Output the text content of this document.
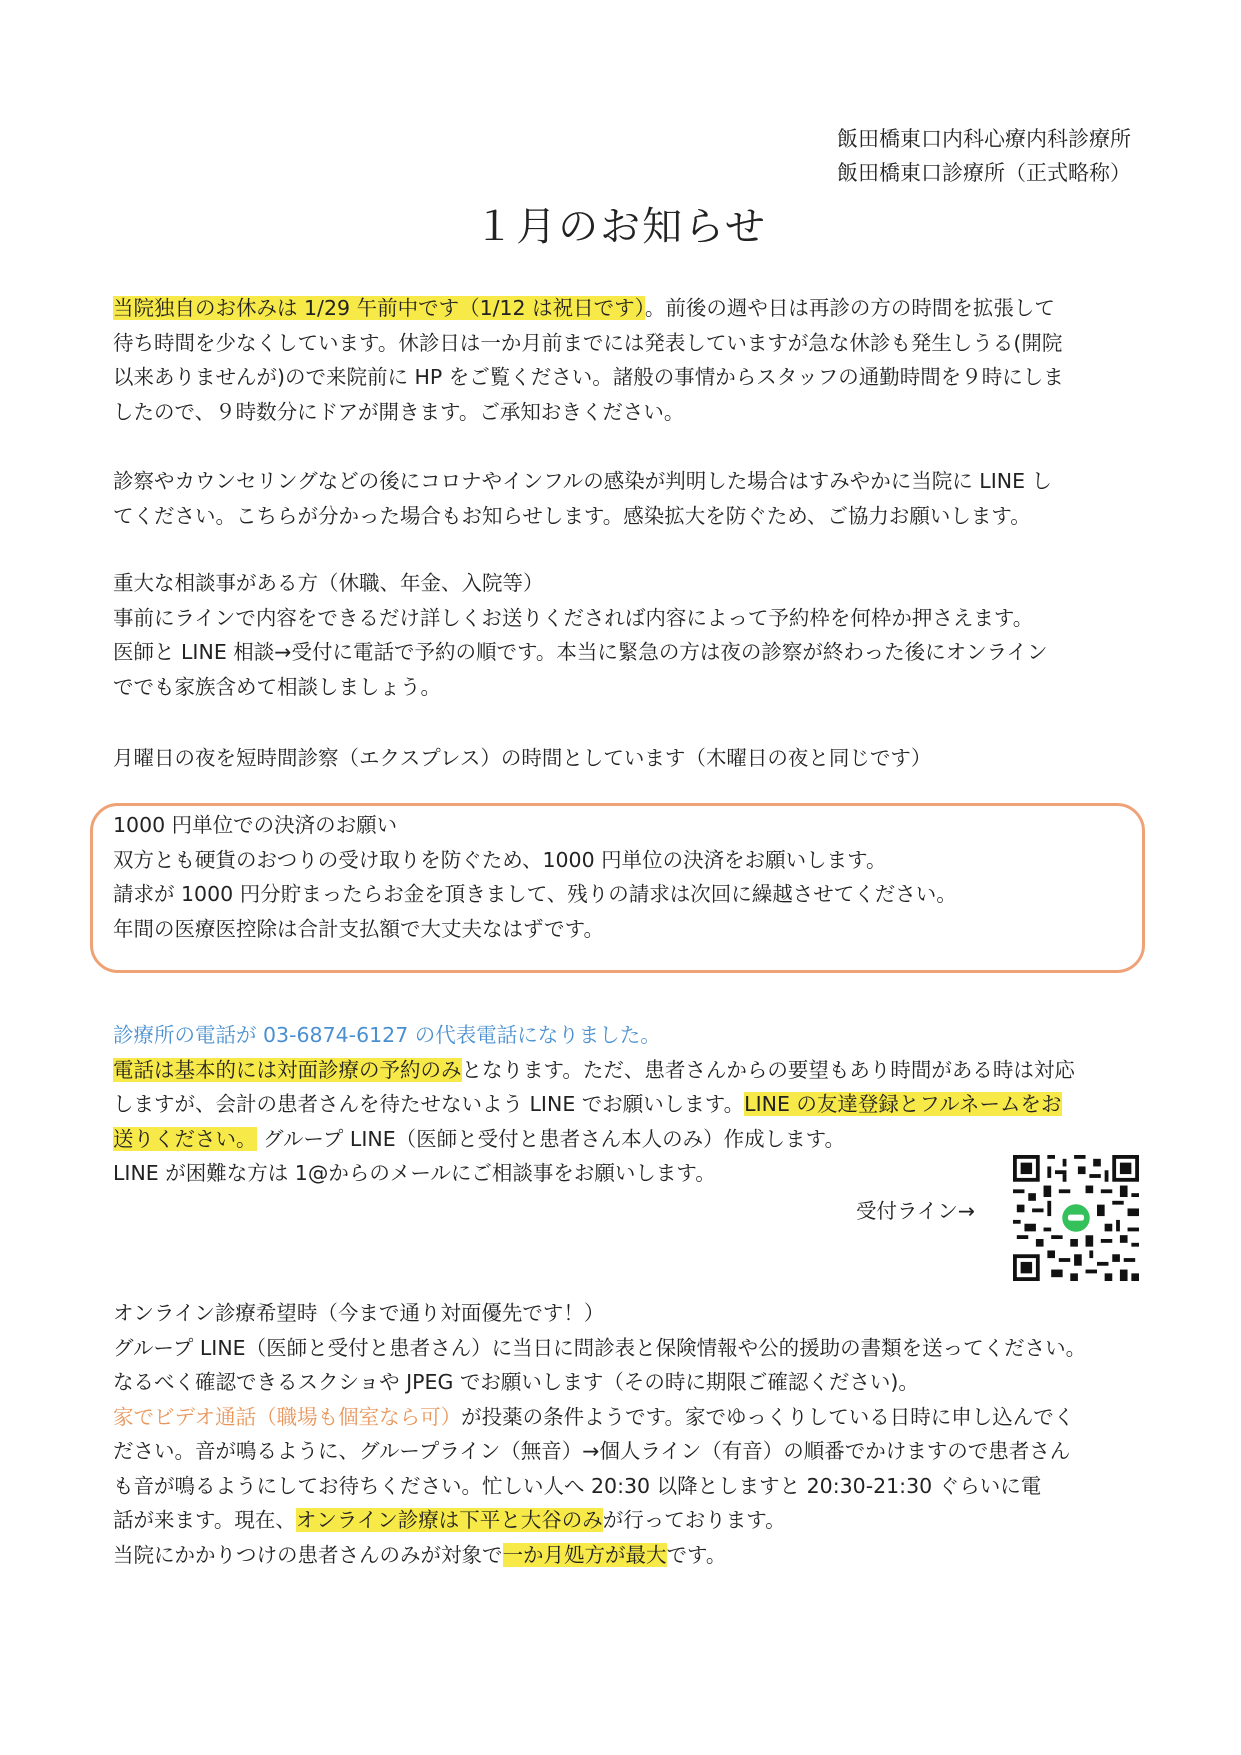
飯田橋東口内科心療内科診療所
飯田橋東口診療所（正式略称）
１月のお知らせ
当院独自のお休みは 1/29 午前中です（1/12 は祝日です）。前後の週や日は再診の方の時間を拡張して
待ち時間を少なくしています。休診日は一か月前までには発表していますが急な休診も発生しうる(開院
以来ありませんが)ので来院前に HP をご覧ください。諸般の事情からスタッフの通勤時間を９時にしま
したので、９時数分にドアが開きます。ご承知おきください。
診察やカウンセリングなどの後にコロナやインフルの感染が判明した場合はすみやかに当院に LINE し
てください。こちらが分かった場合もお知らせします。感染拡大を防ぐため、ご協力お願いします。
重大な相談事がある方（休職、年金、入院等）
事前にラインで内容をできるだけ詳しくお送りくだされば内容によって予約枠を何枠か押さえます。
医師と LINE 相談→受付に電話で予約の順です。本当に緊急の方は夜の診察が終わった後にオンライン
ででも家族含めて相談しましょう。
月曜日の夜を短時間診察（エクスプレス）の時間としています（木曜日の夜と同じです）
1000 円単位での決済のお願い
双方とも硬貨のおつりの受け取りを防ぐため、1000 円単位の決済をお願いします。
請求が 1000 円分貯まったらお金を頂きまして、残りの請求は次回に繰越させてください。
年間の医療医控除は合計支払額で大丈夫なはずです。
診療所の電話が 03-6874-6127 の代表電話になりました。
電話は基本的には対面診療の予約のみとなります。ただ、患者さんからの要望もあり時間がある時は対応
しますが、会計の患者さんを待たせないよう LINE でお願いします。LINE の友達登録とフルネームをお
送りください。 グループ LINE（医師と受付と患者さん本人のみ）作成します。
LINE が困難な方は 1@からのメールにご相談事をお願いします。
受付ライン→
オンライン診療希望時（今まで通り対面優先です！）
グループ LINE（医師と受付と患者さん）に当日に問診表と保険情報や公的援助の書類を送ってください。
なるべく確認できるスクショや JPEG でお願いします（その時に期限ご確認ください)。
家でビデオ通話（職場も個室なら可）が投薬の条件ようです。家でゆっくりしている日時に申し込んでく
ださい。音が鳴るように、グループライン（無音）→個人ライン（有音）の順番でかけますので患者さん
も音が鳴るようにしてお待ちください。忙しい人へ 20:30 以降としますと 20:30-21:30 ぐらいに電
話が来ます。現在、オンライン診療は下平と大谷のみが行っております。
当院にかかりつけの患者さんのみが対象で一か月処方が最大です。
